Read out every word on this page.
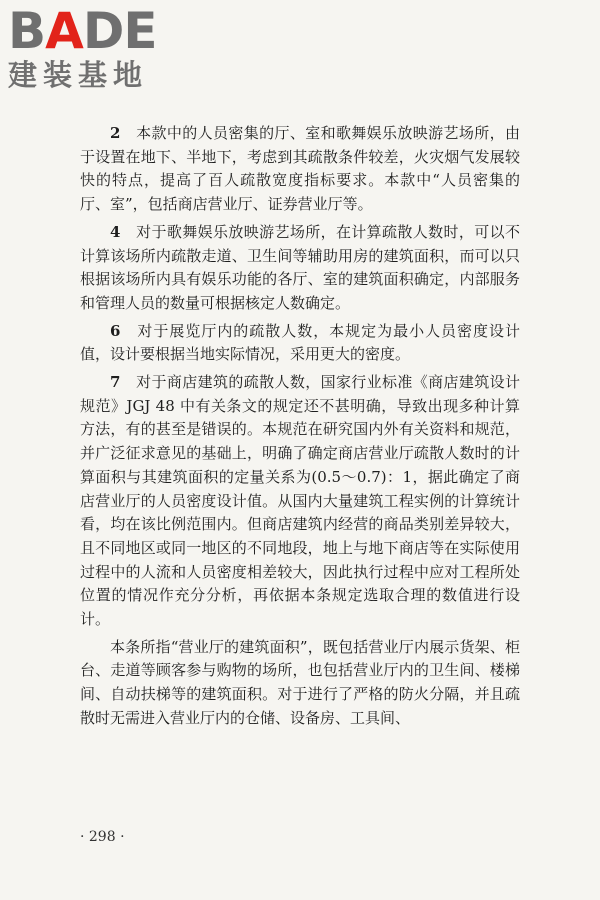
BADE
建装基地

2　 本款中的人员密集的厅、室和歌舞娱乐放映游艺场所，由于设置在地下、半地下，考虑到其疏散条件较差，火灾烟气发展较快的特点，提高了百人疏散宽度指标要求。本款中“人员密集的厅、室”，包括商店营业厅、证券营业厅等。

4　 对于歌舞娱乐放映游艺场所，在计算疏散人数时，可以不计算该场所内疏散走道、卫生间等辅助用房的建筑面积，而可以只根据该场所内具有娱乐功能的各厅、室的建筑面积确定，内部服务和管理人员的数量可根据核定人数确定。

6　 对于展览厅内的疏散人数，本规定为最小人员密度设计值，设计要根据当地实际情况，采用更大的密度。

7　 对于商店建筑的疏散人数，国家行业标准《商店建筑设计规范》JGJ 48 中有关条文的规定还不甚明确，导致出现多种计算方法，有的甚至是错误的。本规范在研究国内外有关资料和规范，并广泛征求意见的基础上，明确了确定商店营业厅疏散人数时的计算面积与其建筑面积的定量关系为(0.5～0.7)：1，据此确定了商店营业厅的人员密度设计值。从国内大量建筑工程实例的计算统计看，均在该比例范围内。但商店建筑内经营的商品类别差异较大，且不同地区或同一地区的不同地段，地上与地下商店等在实际使用过程中的人流和人员密度相差较大，因此执行过程中应对工程所处位置的情况作充分分析，再依据本条规定选取合理的数值进行设计。

本条所指“营业厅的建筑面积”，既包括营业厅内展示货架、柜台、走道等顾客参与购物的场所，也包括营业厅内的卫生间、楼梯间、自动扶梯等的建筑面积。对于进行了严格的防火分隔，并且疏散时无需进入营业厅内的仓储、设备房、工具间、

· 298 ·
